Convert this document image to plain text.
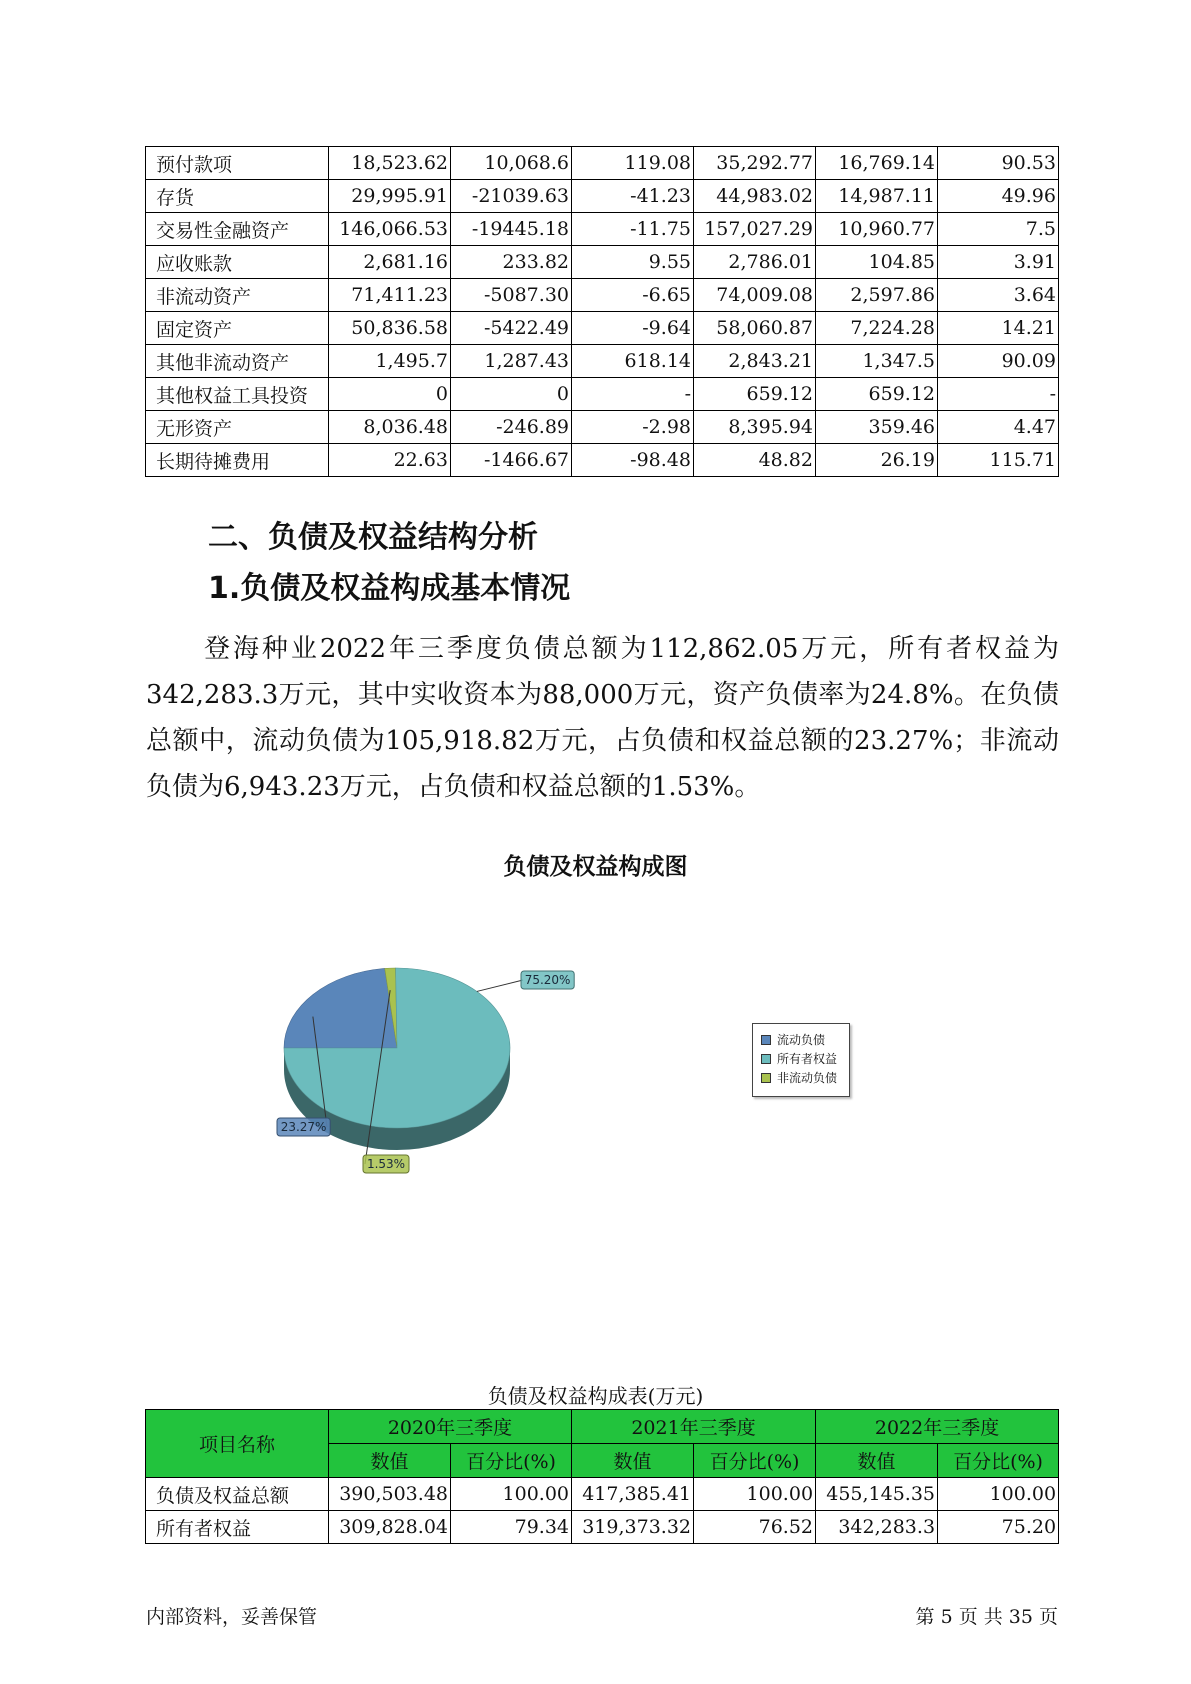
预付款项	18,523.62	10,068.6	119.08	35,292.77	16,769.14	90.53
存货	29,995.91	-21039.63	-41.23	44,983.02	14,987.11	49.96
交易性金融资产	146,066.53	-19445.18	-11.75	157,027.29	10,960.77	7.5
应收账款	2,681.16	233.82	9.55	2,786.01	104.85	3.91
非流动资产	71,411.23	-5087.30	-6.65	74,009.08	2,597.86	3.64
固定资产	50,836.58	-5422.49	-9.64	58,060.87	7,224.28	14.21
其他非流动资产	1,495.7	1,287.43	618.14	2,843.21	1,347.5	90.09
其他权益工具投资	0	0	-	659.12	659.12	-
无形资产	8,036.48	-246.89	-2.98	8,395.94	359.46	4.47
长期待摊费用	22.63	-1466.67	-98.48	48.82	26.19	115.71
二、负债及权益结构分析
1.负债及权益构成基本情况

登海种业2022年三季度负债总额为112,862.05万元，所有者权益为342,283.3万元，其中实收资本为88,000万元，资产负债率为24.8%。在负债总额中，流动负债为105,918.82万元，占负债和权益总额的23.27%；非流动负债为6,943.23万元，占负债和权益总额的1.53%。

负债及权益构成图
23.27%
75.20%
1.53%
流动负债
所有者权益
非流动负债
负债及权益构成表(万元)
项目名称	2020年三季度		2021年三季度		2022年三季度	
	数值	百分比(%)	数值	百分比(%)	数值	百分比(%)
负债及权益总额	390,503.48	100.00	417,385.41	100.00	455,145.35	100.00
所有者权益	309,828.04	79.34	319,373.32	76.52	342,283.3	75.20
内部资料，妥善保管	第 5 页 共 35 页
